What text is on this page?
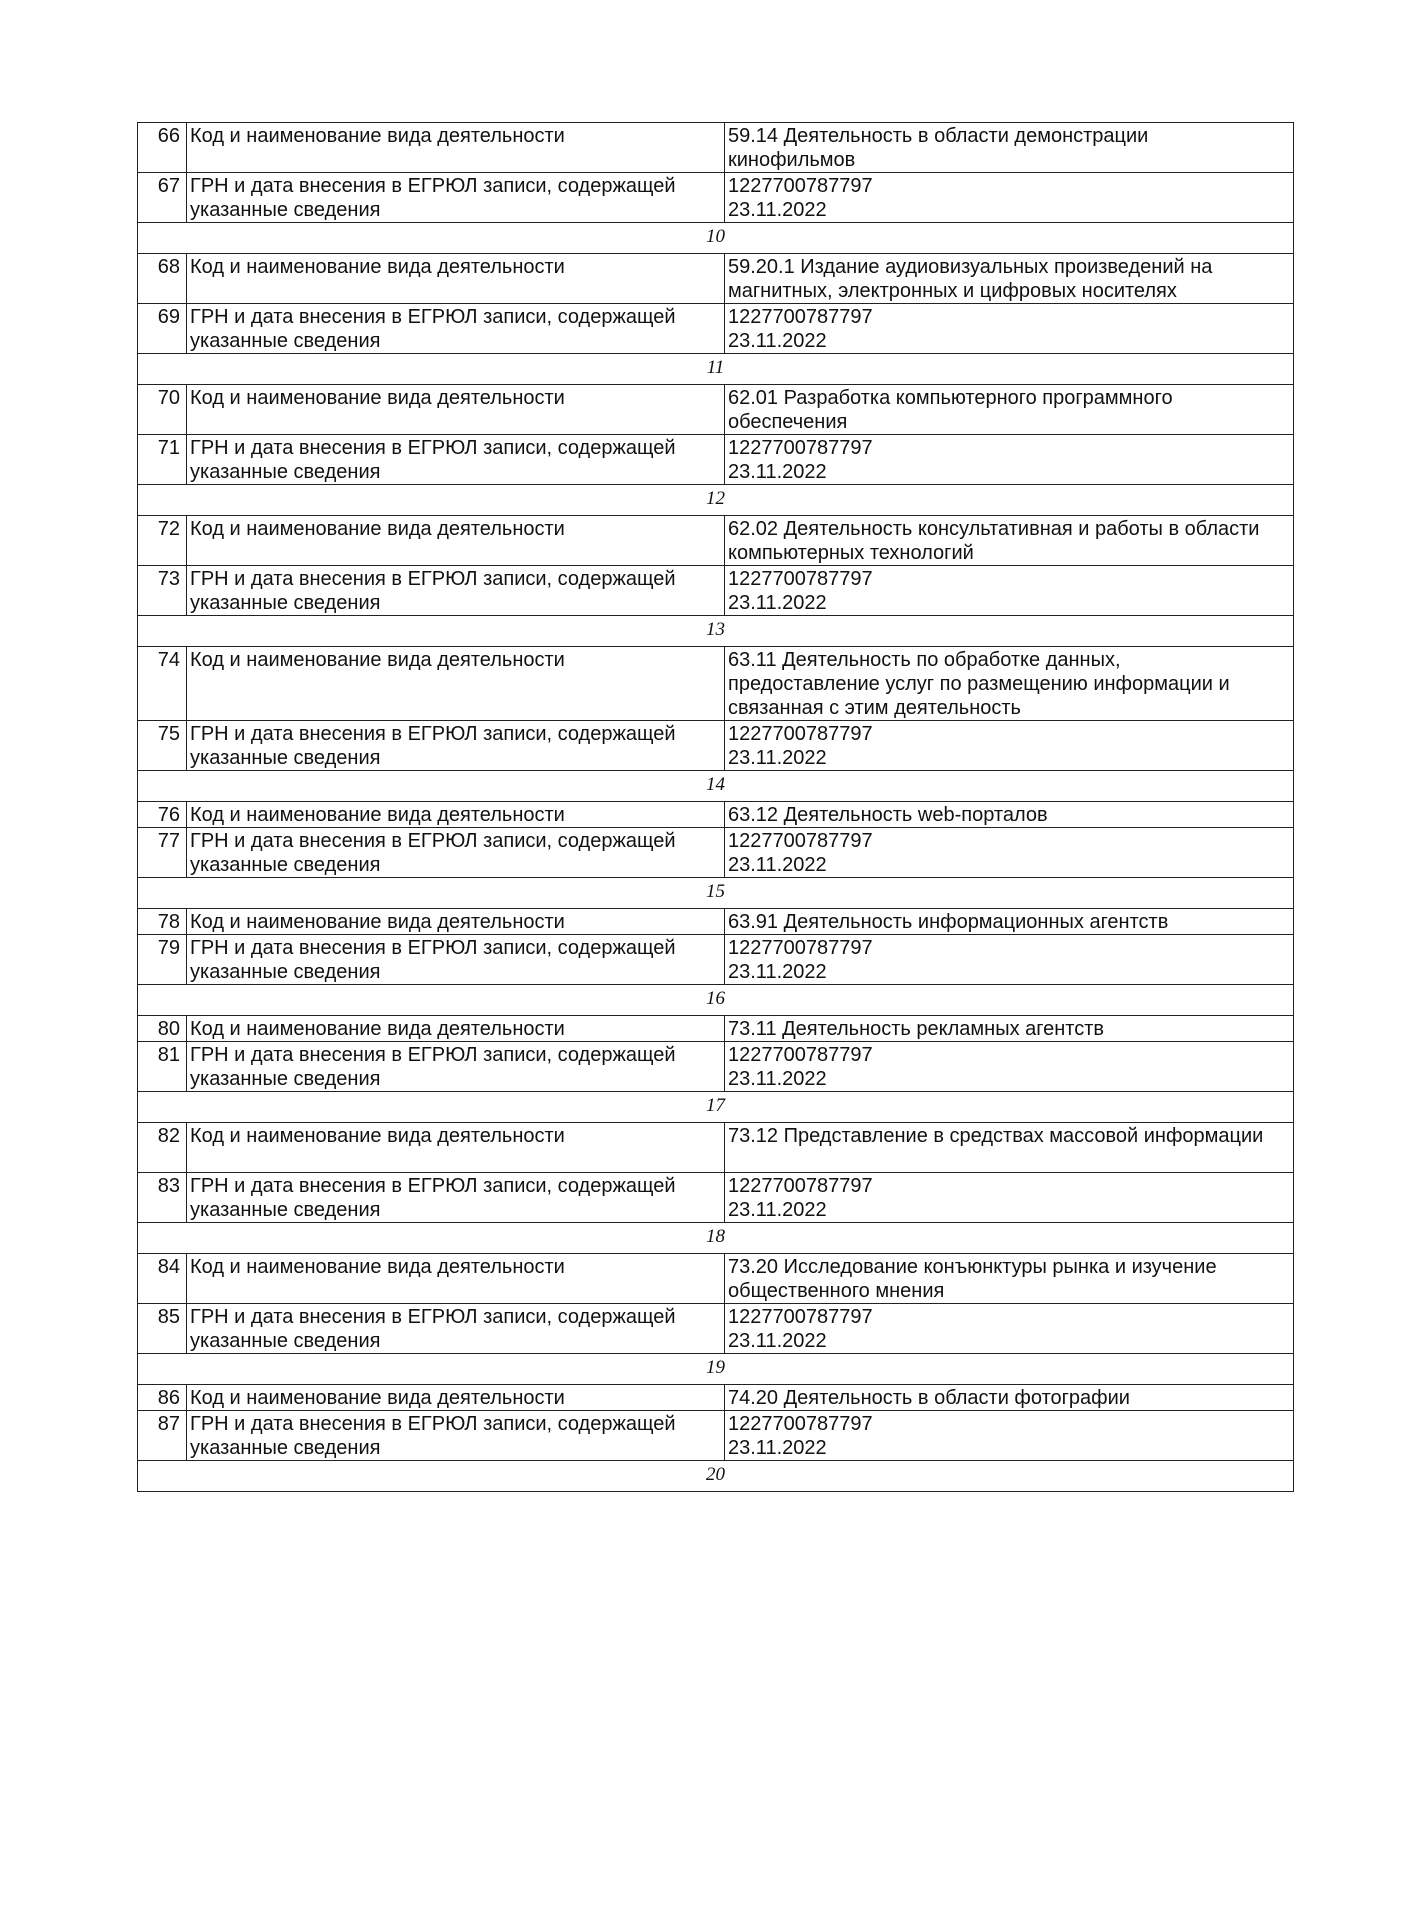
66	Код и наименование вида деятельности	59.14 Деятельность в области демонстрации
кинофильмов

67	ГРН и дата внесения в ЕГРЮЛ записи, содержащей
указанные сведения	1227700787797
23.11.2022

10		
68	Код и наименование вида деятельности	59.20.1 Издание аудиовизуальных произведений на
магнитных, электронных и цифровых носителях

69	ГРН и дата внесения в ЕГРЮЛ записи, содержащей
указанные сведения	1227700787797
23.11.2022

11		
70	Код и наименование вида деятельности	62.01 Разработка компьютерного программного
обеспечения

71	ГРН и дата внесения в ЕГРЮЛ записи, содержащей
указанные сведения	1227700787797
23.11.2022

12		
72	Код и наименование вида деятельности	62.02 Деятельность консультативная и работы в области
компьютерных технологий

73	ГРН и дата внесения в ЕГРЮЛ записи, содержащей
указанные сведения	1227700787797
23.11.2022

13		
74	Код и наименование вида деятельности	63.11 Деятельность по обработке данных,
предоставление услуг по размещению информации и
связанная с этим деятельность

75	ГРН и дата внесения в ЕГРЮЛ записи, содержащей
указанные сведения	1227700787797
23.11.2022

14		
76	Код и наименование вида деятельности	63.12 Деятельность web-порталов

77	ГРН и дата внесения в ЕГРЮЛ записи, содержащей
указанные сведения	1227700787797
23.11.2022

15		
78	Код и наименование вида деятельности	63.91 Деятельность информационных агентств

79	ГРН и дата внесения в ЕГРЮЛ записи, содержащей
указанные сведения	1227700787797
23.11.2022

16		
80	Код и наименование вида деятельности	73.11 Деятельность рекламных агентств

81	ГРН и дата внесения в ЕГРЮЛ записи, содержащей
указанные сведения	1227700787797
23.11.2022

17		
82	Код и наименование вида деятельности	73.12 Представление в средствах массовой информации

83	ГРН и дата внесения в ЕГРЮЛ записи, содержащей
указанные сведения	1227700787797
23.11.2022

18		
84	Код и наименование вида деятельности	73.20 Исследование конъюнктуры рынка и изучение
общественного мнения

85	ГРН и дата внесения в ЕГРЮЛ записи, содержащей
указанные сведения	1227700787797
23.11.2022

19		
86	Код и наименование вида деятельности	74.20 Деятельность в области фотографии

87	ГРН и дата внесения в ЕГРЮЛ записи, содержащей
указанные сведения	1227700787797
23.11.2022

20		
